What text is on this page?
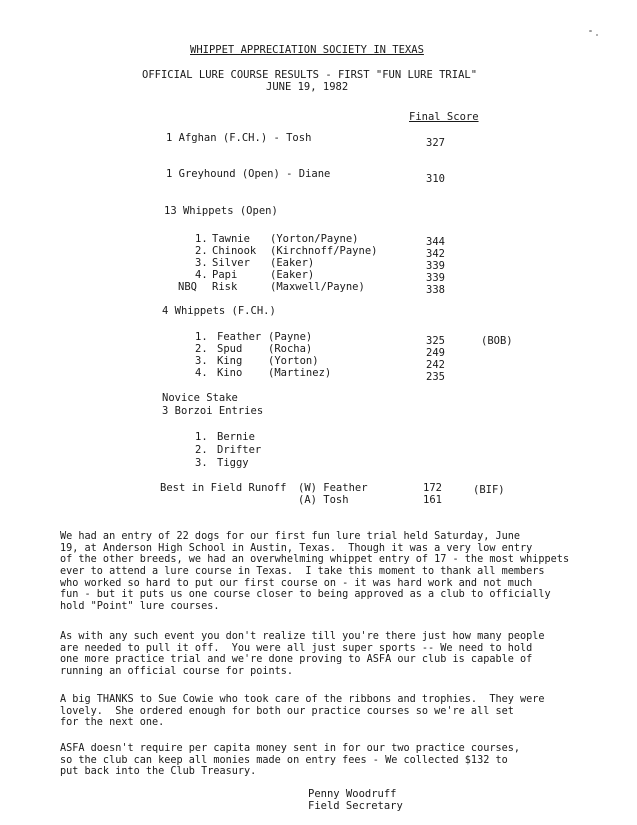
WHIPPET APPRECIATION SOCIETY IN TEXAS
OFFICIAL LURE COURSE RESULTS - FIRST "FUN LURE TRIAL"
JUNE 19, 1982
Final Score
1 Afghan (F.CH.) - Tosh	327
1 Greyhound (Open) - Diane	310
13 Whippets (Open)
1. Tawnie (Yorton/Payne)	344
2. Chinook (Kirchnoff/Payne)	342
3. Silver (Eaker)	339
4. Papi	(Eaker)	339
NBQ Risk	(Maxwell/Payne)	338
4 Whippets (F.CH.)
1. Feather (Payne)	325	(BOB)
2. Spud (Rocha)	249
3. King (Yorton)	242
4. Kino (Martinez)	235
Novice Stake
3 Borzoi Entries
1. Bernie
2. Drifter
3. Tiggy
Best in Field Runoff (W) Feather	172	(BIF)
(A) Tosh	161
We had an entry of 22 dogs for our first fun lure trial held Saturday, June
19, at Anderson High School in Austin, Texas.  Though it was a very low entry
of the other breeds, we had an overwhelming whippet entry of 17 - the most whippets
ever to attend a lure course in Texas.  I take this moment to thank all members
who worked so hard to put our first course on - it was hard work and not much
fun - but it puts us one course closer to being approved as a club to officially
hold "Point" lure courses.
As with any such event you don't realize till you're there just how many people
are needed to pull it off.  You were all just super sports -- We need to hold
one more practice trial and we're done proving to ASFA our club is capable of
running an official course for points.
A big THANKS to Sue Cowie who took care of the ribbons and trophies.  They were
lovely.  She ordered enough for both our practice courses so we're all set
for the next one.
ASFA doesn't require per capita money sent in for our two practice courses,
so the club can keep all monies made on entry fees - We collected $132 to
put back into the Club Treasury.
Penny Woodruff
Field Secretary
